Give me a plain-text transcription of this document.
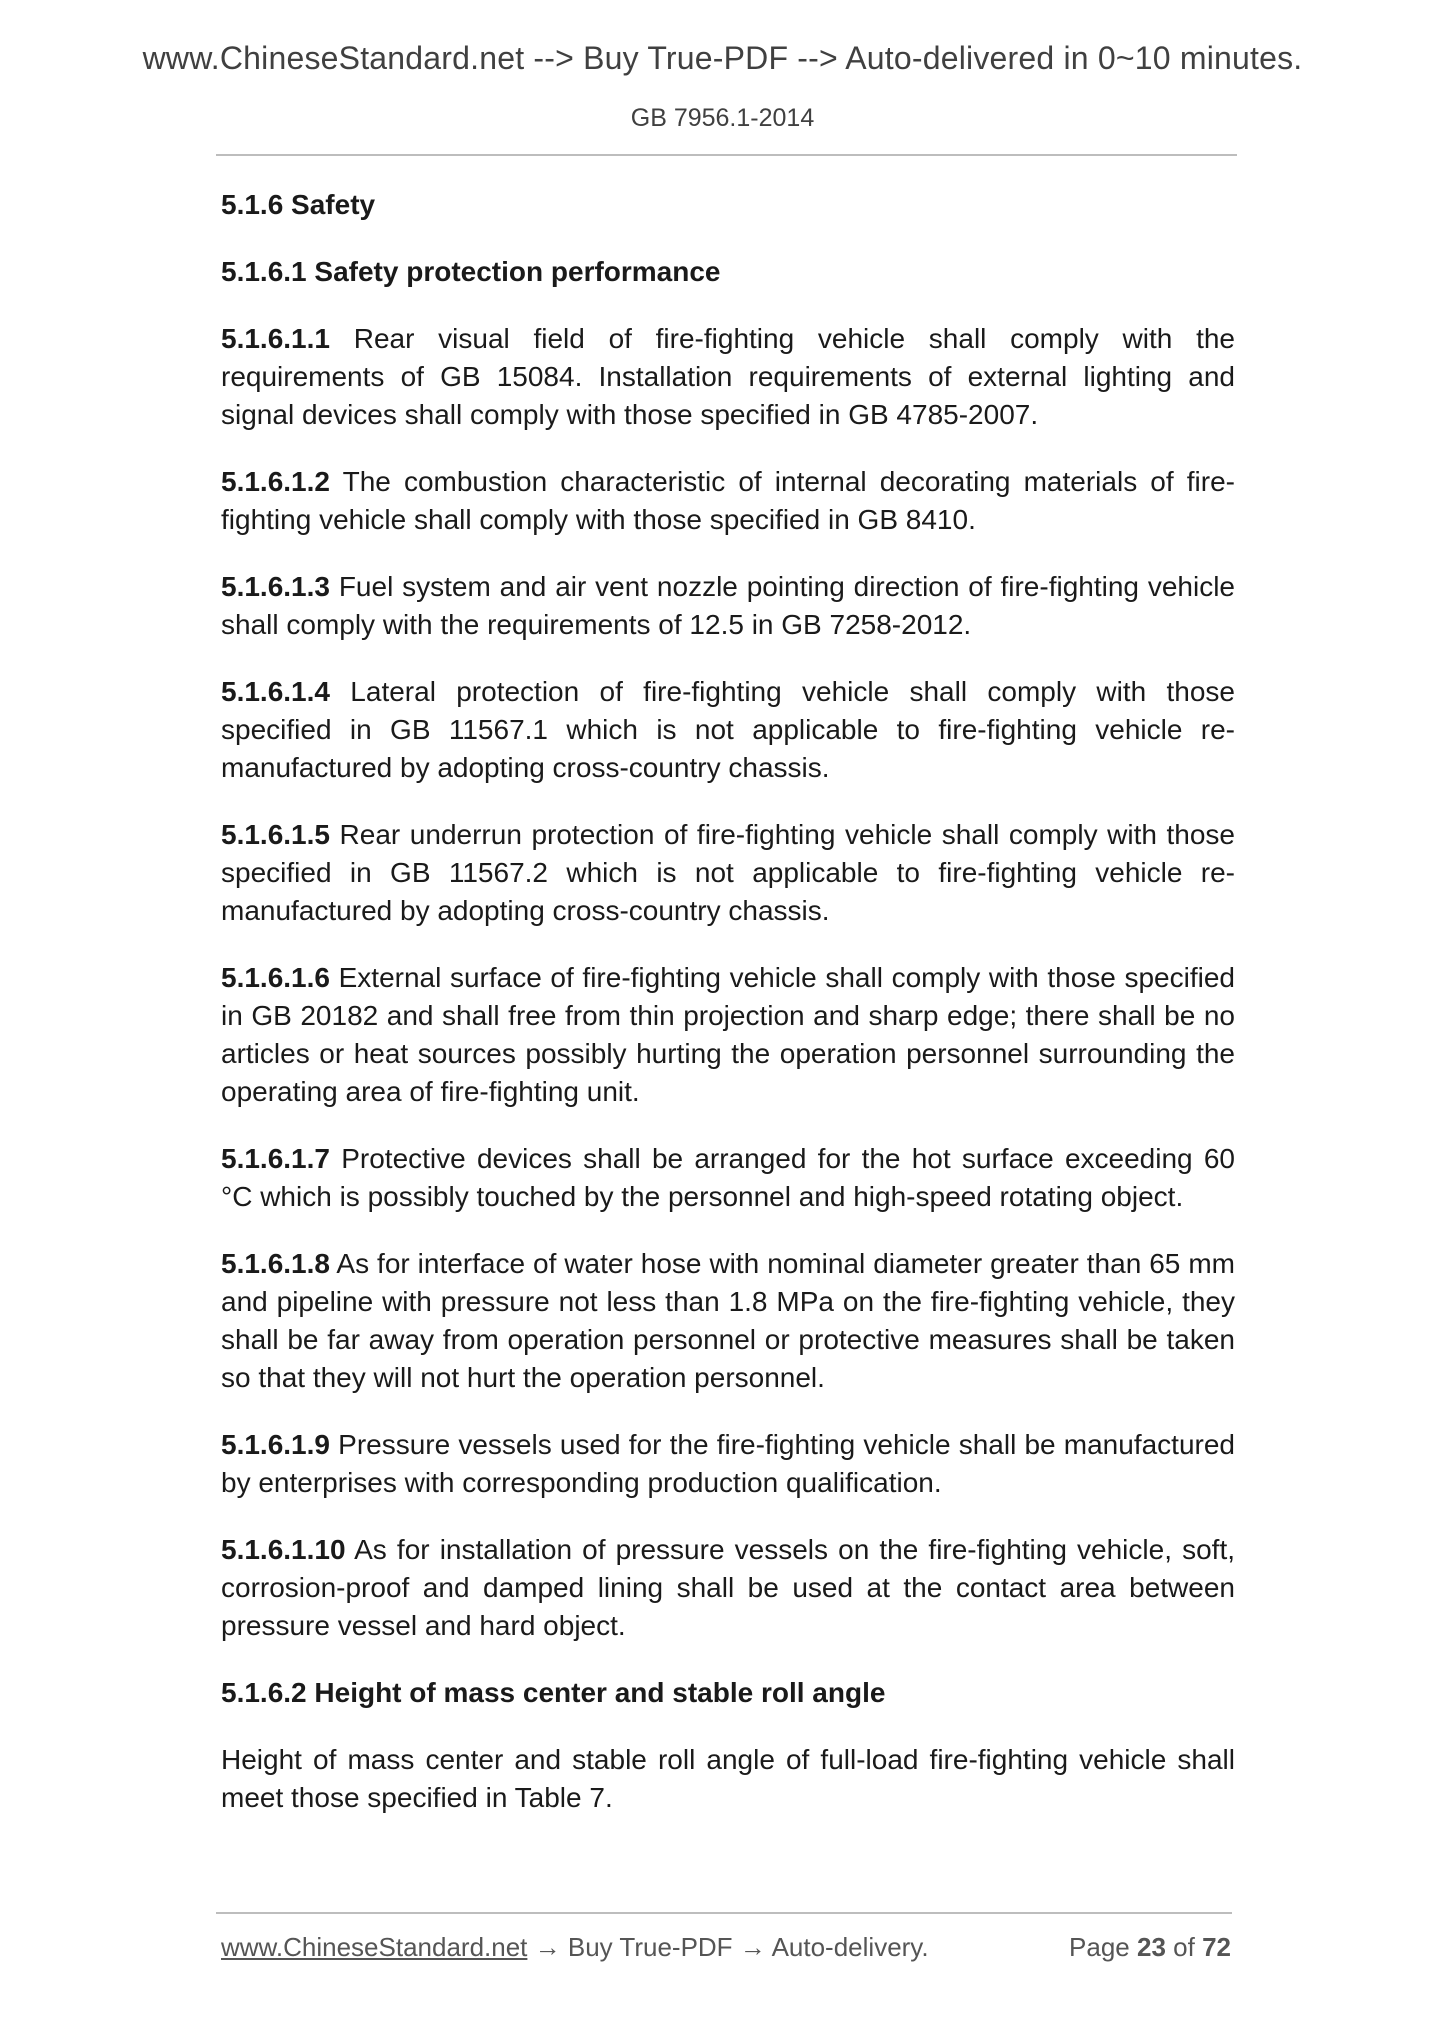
www.ChineseStandard.net --> Buy True-PDF --> Auto-delivered in 0~10 minutes.
GB 7956.1-2014
5.1.6 Safety
5.1.6.1 Safety protection performance
5.1.6.1.1 Rear visual field of fire-fighting vehicle shall comply with the requirements of GB 15084. Installation requirements of external lighting and signal devices shall comply with those specified in GB 4785-2007.
5.1.6.1.2 The combustion characteristic of internal decorating materials of fire-fighting vehicle shall comply with those specified in GB 8410.
5.1.6.1.3 Fuel system and air vent nozzle pointing direction of fire-fighting vehicle shall comply with the requirements of 12.5 in GB 7258-2012.
5.1.6.1.4 Lateral protection of fire-fighting vehicle shall comply with those specified in GB 11567.1 which is not applicable to fire-fighting vehicle re-manufactured by adopting cross-country chassis.
5.1.6.1.5 Rear underrun protection of fire-fighting vehicle shall comply with those specified in GB 11567.2 which is not applicable to fire-fighting vehicle re-manufactured by adopting cross-country chassis.
5.1.6.1.6 External surface of fire-fighting vehicle shall comply with those specified in GB 20182 and shall free from thin projection and sharp edge; there shall be no articles or heat sources possibly hurting the operation personnel surrounding the operating area of fire-fighting unit.
5.1.6.1.7 Protective devices shall be arranged for the hot surface exceeding 60 °C which is possibly touched by the personnel and high-speed rotating object.
5.1.6.1.8 As for interface of water hose with nominal diameter greater than 65 mm and pipeline with pressure not less than 1.8 MPa on the fire-fighting vehicle, they shall be far away from operation personnel or protective measures shall be taken so that they will not hurt the operation personnel.
5.1.6.1.9 Pressure vessels used for the fire-fighting vehicle shall be manufactured by enterprises with corresponding production qualification.
5.1.6.1.10 As for installation of pressure vessels on the fire-fighting vehicle, soft, corrosion-proof and damped lining shall be used at the contact area between pressure vessel and hard object.
5.1.6.2 Height of mass center and stable roll angle
Height of mass center and stable roll angle of full-load fire-fighting vehicle shall meet those specified in Table 7.
www.ChineseStandard.net → Buy True-PDF → Auto-delivery.	Page 23 of 72
